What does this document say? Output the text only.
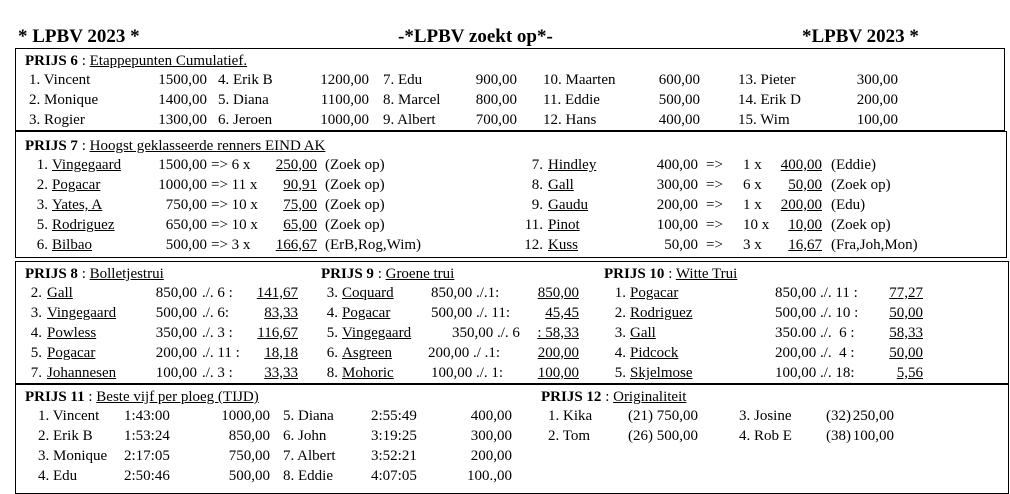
* LPBV 2023 *	-*LPBV zoekt op*-	*LPBV 2023 *
PRIJS 6 : Etappepunten Cumulatief.
PRIJS 7 : Hoogst geklasseerde renners EIND AK
PRIJS 8 : Bolletjestrui	PRIJS 9 : Groene trui	PRIJS 10 : Witte Trui
PRIJS 11 : Beste vijf per ploeg (TIJD)	PRIJS 12 : Originaliteit
1. Vincent	1500,00 4. Erik B	1200,00 7. Edu	900,00 10. Maarten	600,00	13. Pieter	300,00
2. Monique	1400,00 5. Diana	1100,00 8. Marcel	800,00 11. Eddie	500,00	14. Erik D	200,00
3. Rogier	1300,00 6. Jeroen	1000,00 9. Albert	700,00 12. Hans	400,00	15. Wim	100,00
1. Vingegaard	1500,00 => 6 x	250,00 (Zoek op)
2. Pogacar	1000,00 => 11 x	90,91 (Zoek op)
3. Yates, A	750,00 => 10 x	75,00 (Zoek op)
5. Rodriguez	650,00 => 10 x	65,00 (Zoek op)
6. Bilbao	500,00 => 3 x	166,67 (ErB,Rog,Wim)
7. Hindley	400,00 => 1 x	400,00 (Eddie)
8. Gall	300,00 => 6 x	50,00 (Zoek op)
9. Gaudu	200,00 => 1 x	200,00 (Edu)
11. Pinot	100,00 => 10 x	10,00 (Zoek op)
12. Kuss	50,00 => 3 x	16,67 (Fra,Joh,Mon)
2. Gall	850,00 ./. 6 :	141,67
3. Vingegaard	500,00 ./. 6:	83,33
4. Powless	350,00 ./. 3 :	116,67
5. Pogacar	200,00 ./. 11 :	18,18
7. Johannesen	100,00 ./. 3 :	33,33
3. Coquard 850,00 ./.1:	850,00
4. Pogacar	500,00 ./. 11:	45,45
5. Vingegaard	350,00 ./. 6	: 58,33
6. Asgreen 200,00 ./ .1:	200,00
8. Mohoric 100,00 ./. 1:	100,00
1. Pogacar	850,00 ./. 11 :	77,27
2. Rodriguez	500,00 ./. 10 :	50,00
3. Gall	350.00 ./.  6 :	58,33
4. Pidcock	200,00 ./.  4 :	50,00
5. Skjelmose	100,00 ./. 18:	5,56
1. Vincent 1:43:00	1000,00 5. Diana 2:55:49	400,00
2. Erik B 1:53:24	850,00 6. John	3:19:25	300,00
3. Monique 2:17:05	750,00 7. Albert 3:52:21	200,00
4. Edu	2:50:46	500,00 8. Eddie	4:07:05	100.,00
1. Kika (21) 750,00	3. Josine (32) 250,00
2. Tom	(26) 500,00	4. Rob E (38) 100,00
